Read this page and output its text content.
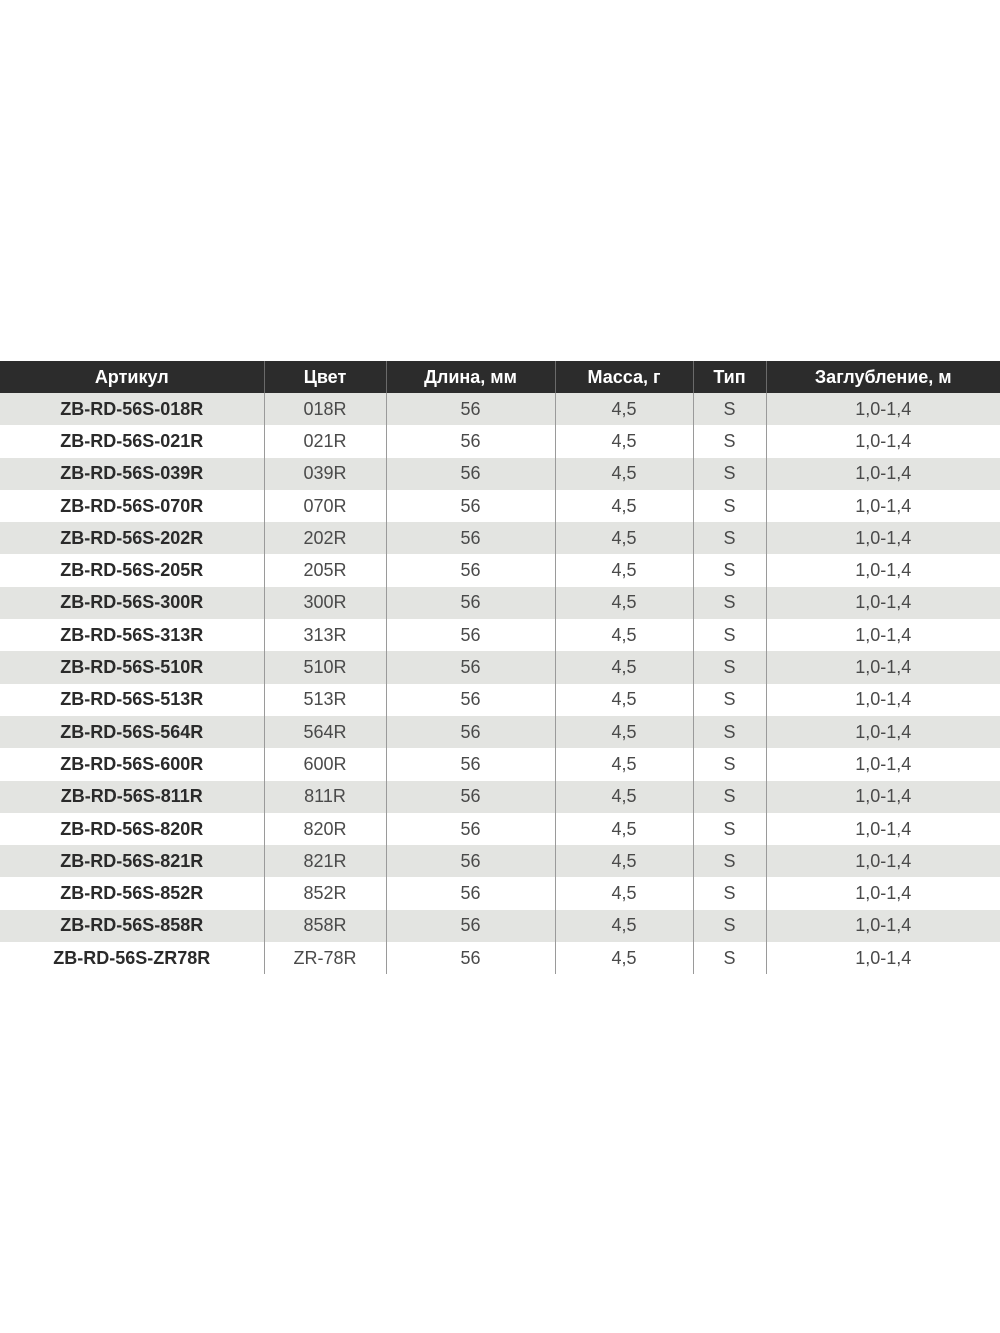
Артикул	Цвет	Длина, мм	Масса, г	Тип	Заглубление, м
ZB-RD-56S-018R	018R	56	4,5	S	1,0-1,4
ZB-RD-56S-021R	021R	56	4,5	S	1,0-1,4
ZB-RD-56S-039R	039R	56	4,5	S	1,0-1,4
ZB-RD-56S-070R	070R	56	4,5	S	1,0-1,4
ZB-RD-56S-202R	202R	56	4,5	S	1,0-1,4
ZB-RD-56S-205R	205R	56	4,5	S	1,0-1,4
ZB-RD-56S-300R	300R	56	4,5	S	1,0-1,4
ZB-RD-56S-313R	313R	56	4,5	S	1,0-1,4
ZB-RD-56S-510R	510R	56	4,5	S	1,0-1,4
ZB-RD-56S-513R	513R	56	4,5	S	1,0-1,4
ZB-RD-56S-564R	564R	56	4,5	S	1,0-1,4
ZB-RD-56S-600R	600R	56	4,5	S	1,0-1,4
ZB-RD-56S-811R	811R	56	4,5	S	1,0-1,4
ZB-RD-56S-820R	820R	56	4,5	S	1,0-1,4
ZB-RD-56S-821R	821R	56	4,5	S	1,0-1,4
ZB-RD-56S-852R	852R	56	4,5	S	1,0-1,4
ZB-RD-56S-858R	858R	56	4,5	S	1,0-1,4
ZB-RD-56S-ZR78R	ZR-78R	56	4,5	S	1,0-1,4
